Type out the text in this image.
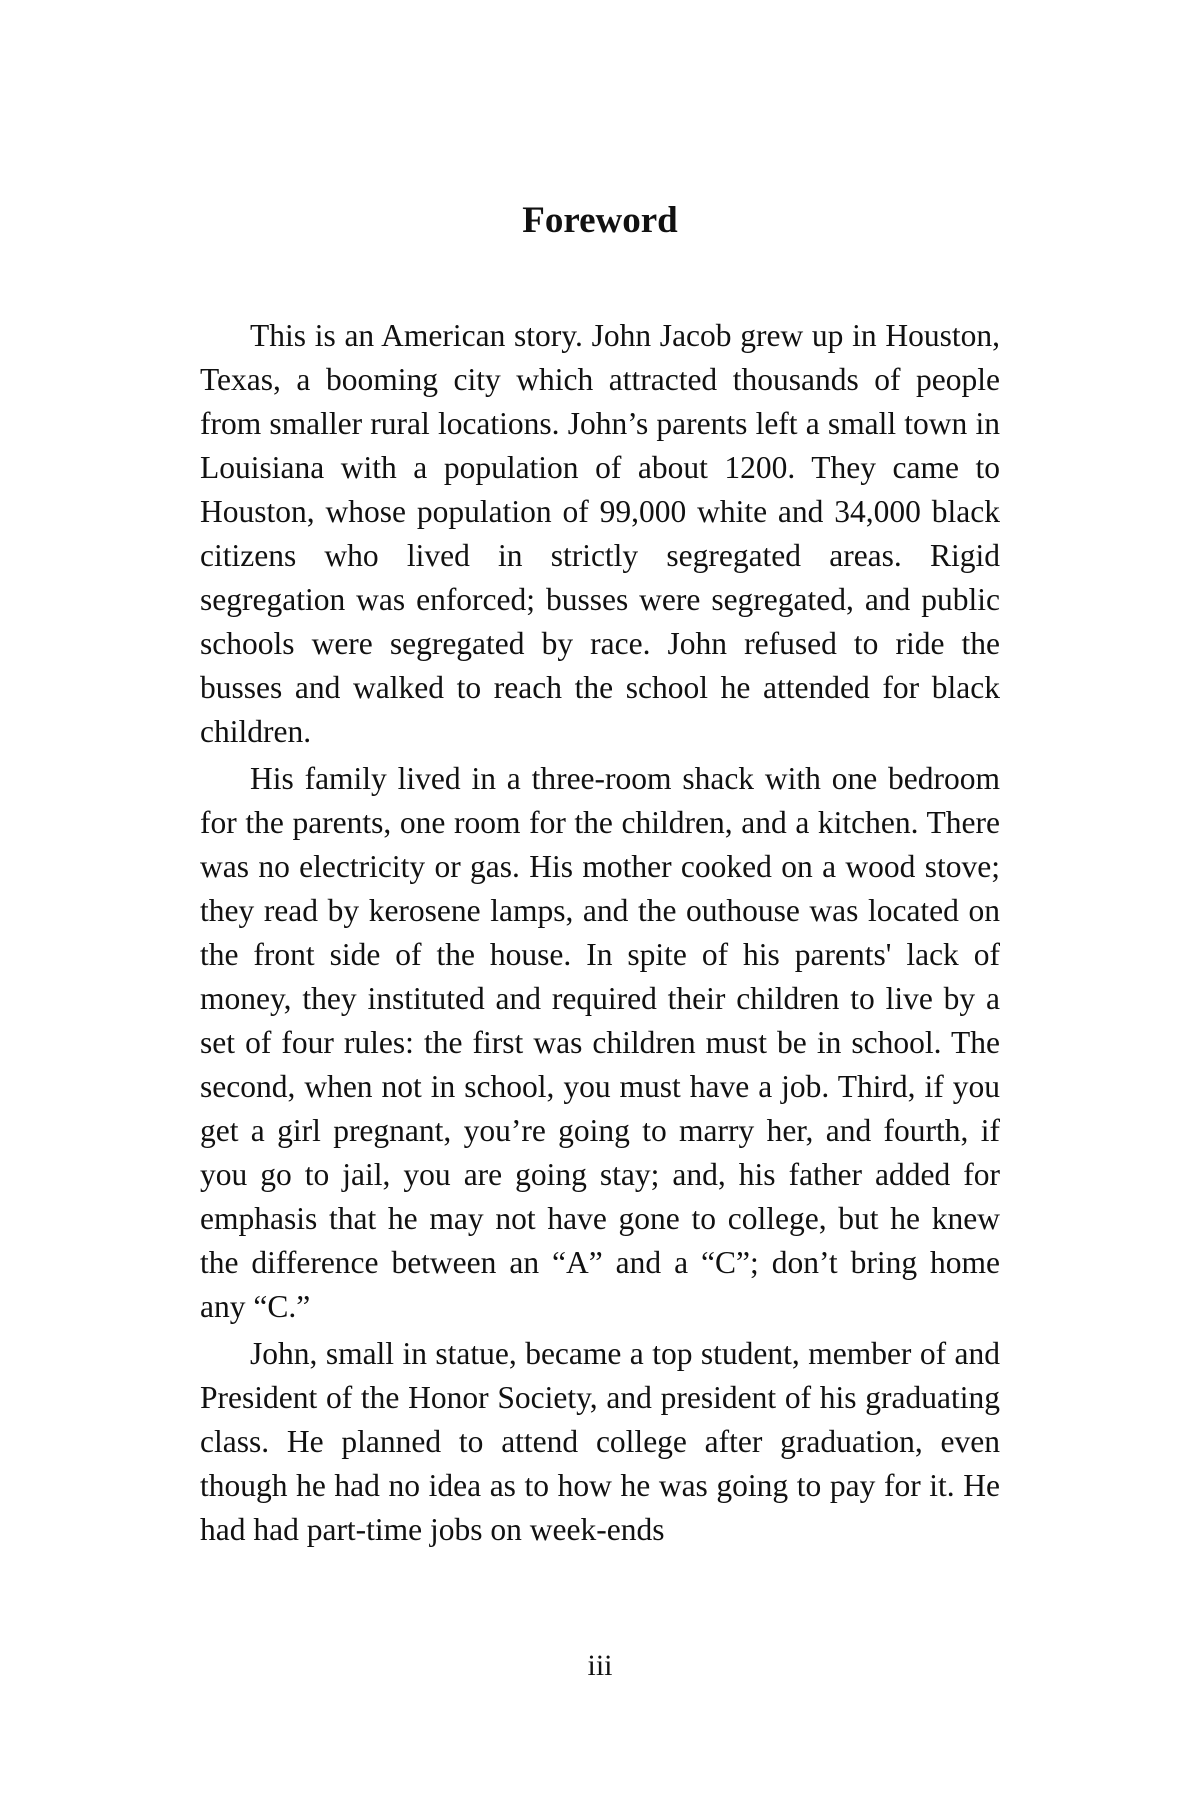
Foreword

This is an American story. John Jacob grew up in Houston, Texas, a booming city which attracted thousands of people from smaller rural locations. John’s parents left a small town in Louisiana with a population of about 1200. They came to Houston, whose population of 99,000 white and 34,000 black citizens who lived in strictly segregated areas. Rigid segregation was enforced; busses were segregated, and public schools were segregated by race. John refused to ride the busses and walked to reach the school he attended for black children.

His family lived in a three-room shack with one bedroom for the parents, one room for the children, and a kitchen. There was no electricity or gas. His mother cooked on a wood stove; they read by kerosene lamps, and the outhouse was located on the front side of the house. In spite of his parents' lack of money, they instituted and required their children to live by a set of four rules: the first was children must be in school. The second, when not in school, you must have a job. Third, if you get a girl pregnant, you’re going to marry her, and fourth, if you go to jail, you are going stay; and, his father added for emphasis that he may not have gone to college, but he knew the difference between an “A” and a “C”; don’t bring home any “C.”

John, small in statue, became a top student, member of and President of the Honor Society, and president of his graduating class. He planned to attend college after graduation, even though he had no idea as to how he was going to pay for it. He had had part-time jobs on week-ends

iii
